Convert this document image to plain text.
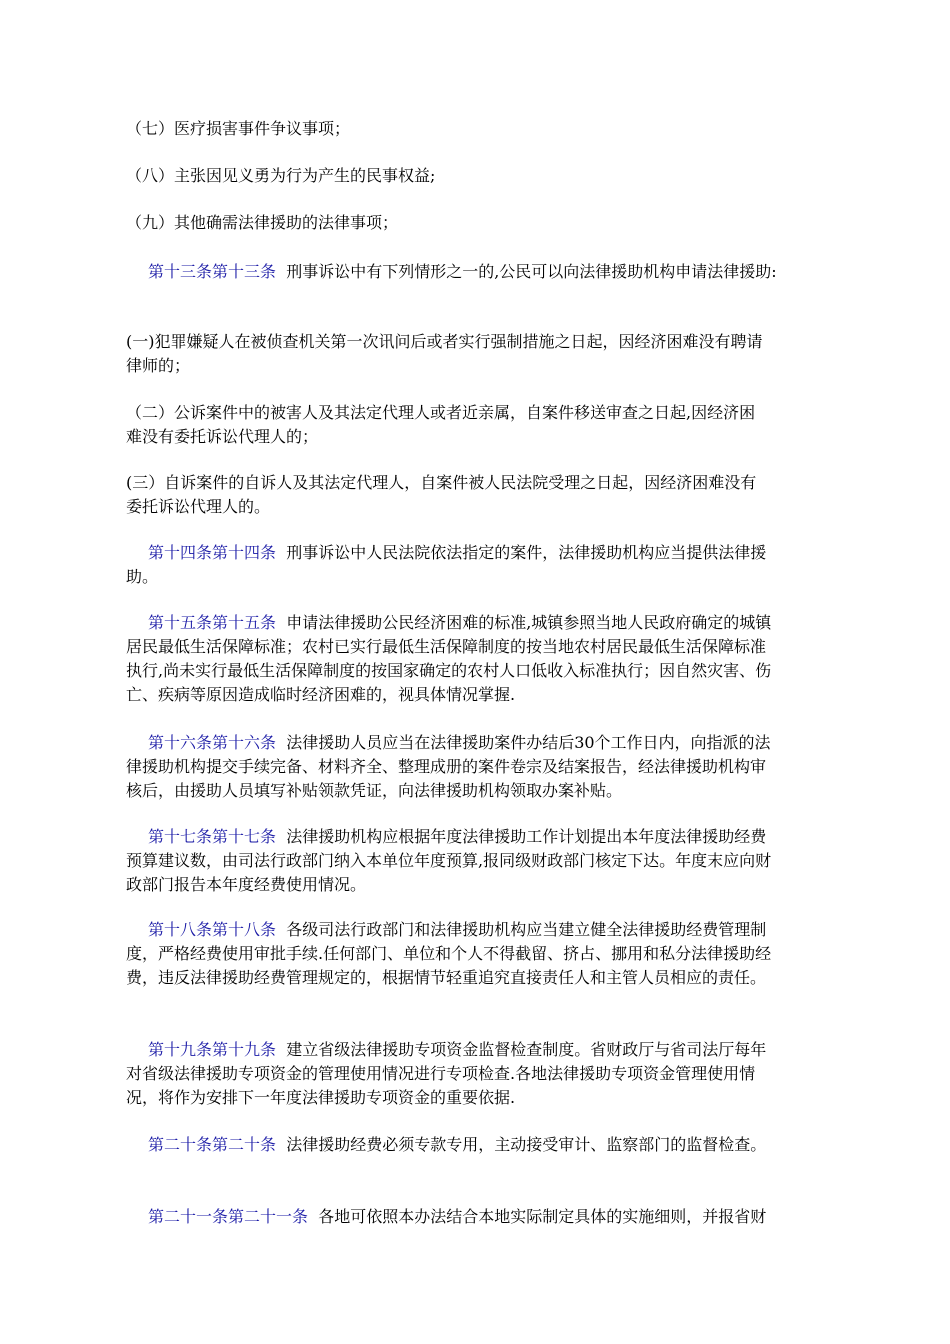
（七）医疗损害事件争议事项；

（八）主张因见义勇为行为产生的民事权益;

（九）其他确需法律援助的法律事项；

第十三条第十三条 刑事诉讼中有下列情形之一的,公民可以向法律援助机构申请法律援助:

(一)犯罪嫌疑人在被侦查机关第一次讯问后或者实行强制措施之日起，因经济困难没有聘请
律师的；

（二）公诉案件中的被害人及其法定代理人或者近亲属，自案件移送审查之日起,因经济困
难没有委托诉讼代理人的；

(三）自诉案件的自诉人及其法定代理人，自案件被人民法院受理之日起，因经济困难没有
委托诉讼代理人的。

第十四条第十四条 刑事诉讼中人民法院依法指定的案件，法律援助机构应当提供法律援
助。

第十五条第十五条 申请法律援助公民经济困难的标准,城镇参照当地人民政府确定的城镇
居民最低生活保障标准；农村已实行最低生活保障制度的按当地农村居民最低生活保障标准
执行,尚未实行最低生活保障制度的按国家确定的农村人口低收入标准执行；因自然灾害、伤
亡、疾病等原因造成临时经济困难的，视具体情况掌握.

第十六条第十六条 法律援助人员应当在法律援助案件办结后30个工作日内，向指派的法
律援助机构提交手续完备、材料齐全、整理成册的案件卷宗及结案报告，经法律援助机构审
核后，由援助人员填写补贴领款凭证，向法律援助机构领取办案补贴。

第十七条第十七条 法律援助机构应根据年度法律援助工作计划提出本年度法律援助经费
预算建议数，由司法行政部门纳入本单位年度预算,报同级财政部门核定下达。年度末应向财
政部门报告本年度经费使用情况。

第十八条第十八条 各级司法行政部门和法律援助机构应当建立健全法律援助经费管理制
度，严格经费使用审批手续.任何部门、单位和个人不得截留、挤占、挪用和私分法律援助经
费，违反法律援助经费管理规定的，根据情节轻重追究直接责任人和主管人员相应的责任。

第十九条第十九条 建立省级法律援助专项资金监督检查制度。省财政厅与省司法厅每年
对省级法律援助专项资金的管理使用情况进行专项检查.各地法律援助专项资金管理使用情
况，将作为安排下一年度法律援助专项资金的重要依据.

第二十条第二十条 法律援助经费必须专款专用，主动接受审计、监察部门的监督检查。

第二十一条第二十一条 各地可依照本办法结合本地实际制定具体的实施细则，并报省财
